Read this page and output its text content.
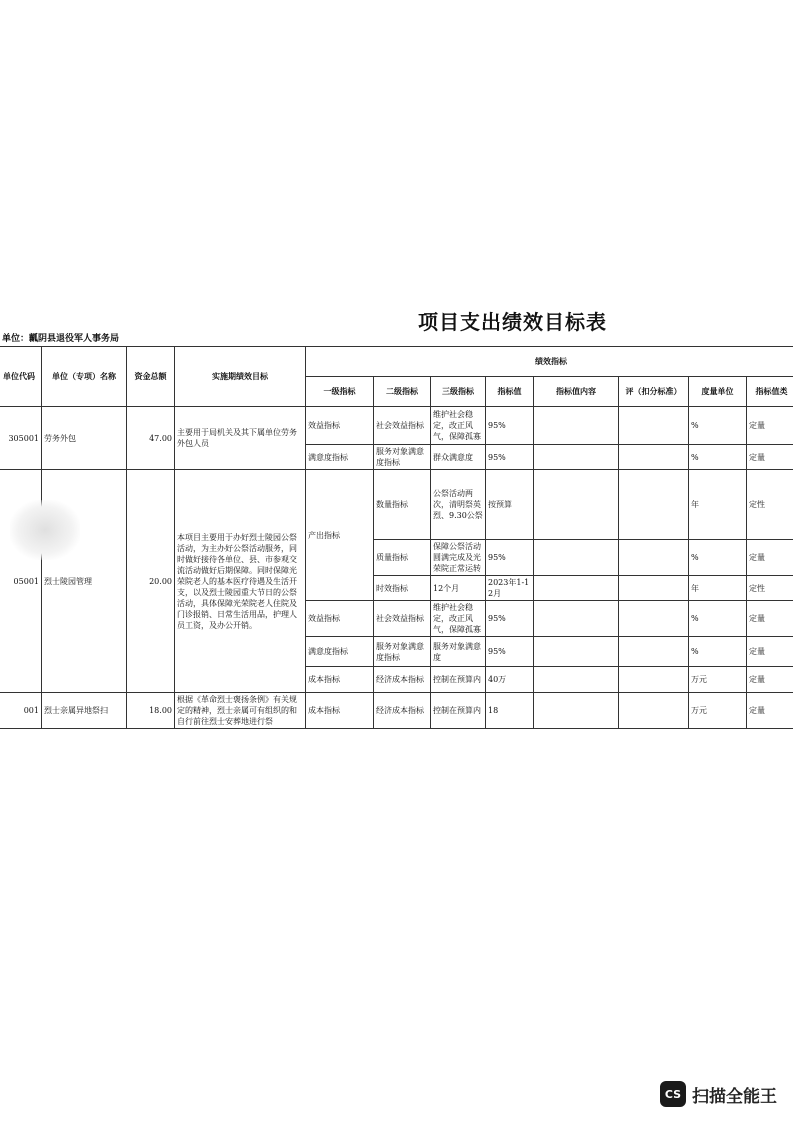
项目支出绩效目标表
单位：瓤阴县退役军人事务局
单位代码	单位（专项）名称	资金总额	实施期绩效目标	绩效指标							
				一级指标	二级指标	三级指标	指标值	指标值内容	评（扣分标准）	度量单位	指标值类
305001	劳务外包	47.00	主要用于局机关及其下属单位劳务外包人员	效益指标	社会效益指标	维护社会稳定，改正风气，保障孤寡	95%			%	定量
				满意度指标	服务对象满意度指标	群众满意度	95%			%	定量
05001	烈士陵园管理	20.00	本项目主要用于办好烈士陵园公祭活动，为主办好公祭活动服务，同时做好接待各单位、县、市参观交流活动做好后期保障。同时保障光荣院老人的基本医疗待遇及生活开支，以及烈士陵园重大节日的公祭活动，具体保障光荣院老人住院及门诊报销、日常生活用品，护理人员工资，及办公开销。	产出指标	数量指标	公祭活动两次，清明祭英烈、9.30公祭	按预算			年	定性
					质量指标	保障公祭活动圆满完成及光荣院正常运转	95%			%	定量
					时效指标	12个月	2023年1-12月			年	定性
				效益指标	社会效益指标	维护社会稳定，改正风气，保障孤寡	95%			%	定量
				满意度指标	服务对象满意度指标	服务对象满意度	95%			%	定量
				成本指标	经济成本指标	控制在预算内	40万			万元	定量
001	烈士亲属异地祭扫	18.00	根据《革命烈士褒扬条例》有关规定的精神，烈士亲属可有组织的和自行前往烈士安葬地进行祭	成本指标	经济成本指标	控制在预算内	18			万元	定量
CS 扫描全能王
